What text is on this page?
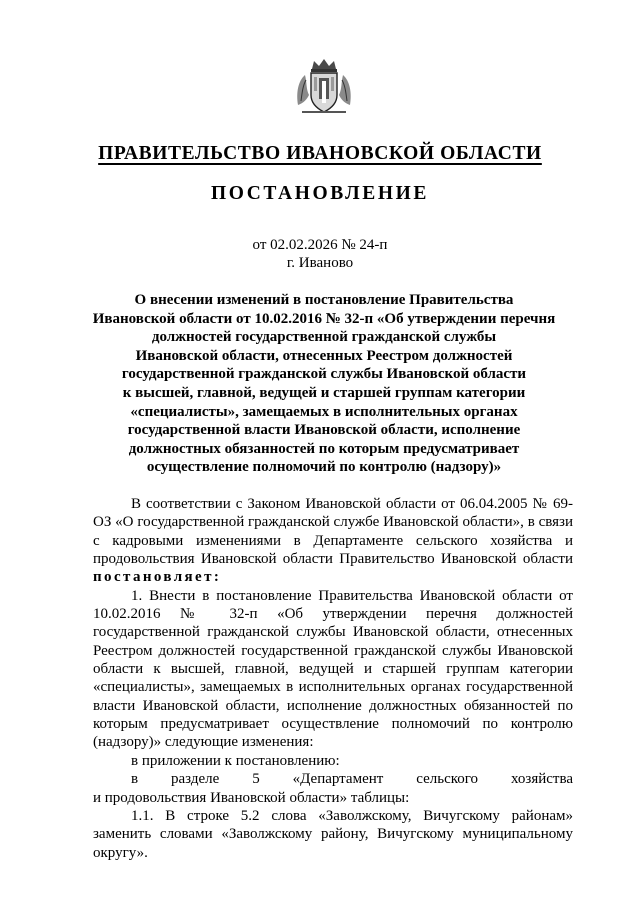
ПРАВИТЕЛЬСТВО ИВАНОВСКОЙ ОБЛАСТИ
ПОСТАНОВЛЕНИЕ
от 02.02.2026 № 24-п
г. Иваново
О внесении изменений в постановление Правительства
Ивановской области от 10.02.2016 № 32-п «Об утверждении перечня
должностей государственной гражданской службы
Ивановской области, отнесенных Реестром должностей
государственной гражданской службы Ивановской области
к высшей, главной, ведущей и старшей группам категории
«специалисты», замещаемых в исполнительных органах
государственной власти Ивановской области, исполнение
должностных обязанностей по которым предусматривает
осуществление полномочий по контролю (надзору)»

В соответствии с Законом Ивановской области от 06.04.2005 № 69-ОЗ «О государственной гражданской службе Ивановской области», в связи с кадровыми изменениями в Департаменте сельского хозяйства и продовольствия Ивановской области Правительство Ивановской области постановляет:

1. Внести в постановление Правительства Ивановской области от 10.02.2016 № 32-п «Об утверждении перечня должностей государственной гражданской службы Ивановской области, отнесенных Реестром должностей государственной гражданской службы Ивановской области к высшей, главной, ведущей и старшей группам категории «специалисты», замещаемых в исполнительных органах государственной власти Ивановской области, исполнение должностных обязанностей по которым предусматривает осуществление полномочий по контролю (надзору)» следующие изменения:

в приложении к постановлению:

в разделе 5 «Департамент сельского хозяйства

и продовольствия Ивановской области» таблицы:

1.1. В строке 5.2 слова «Заволжскому, Вичугскому районам» заменить словами «Заволжскому району, Вичугскому муниципальному округу».
